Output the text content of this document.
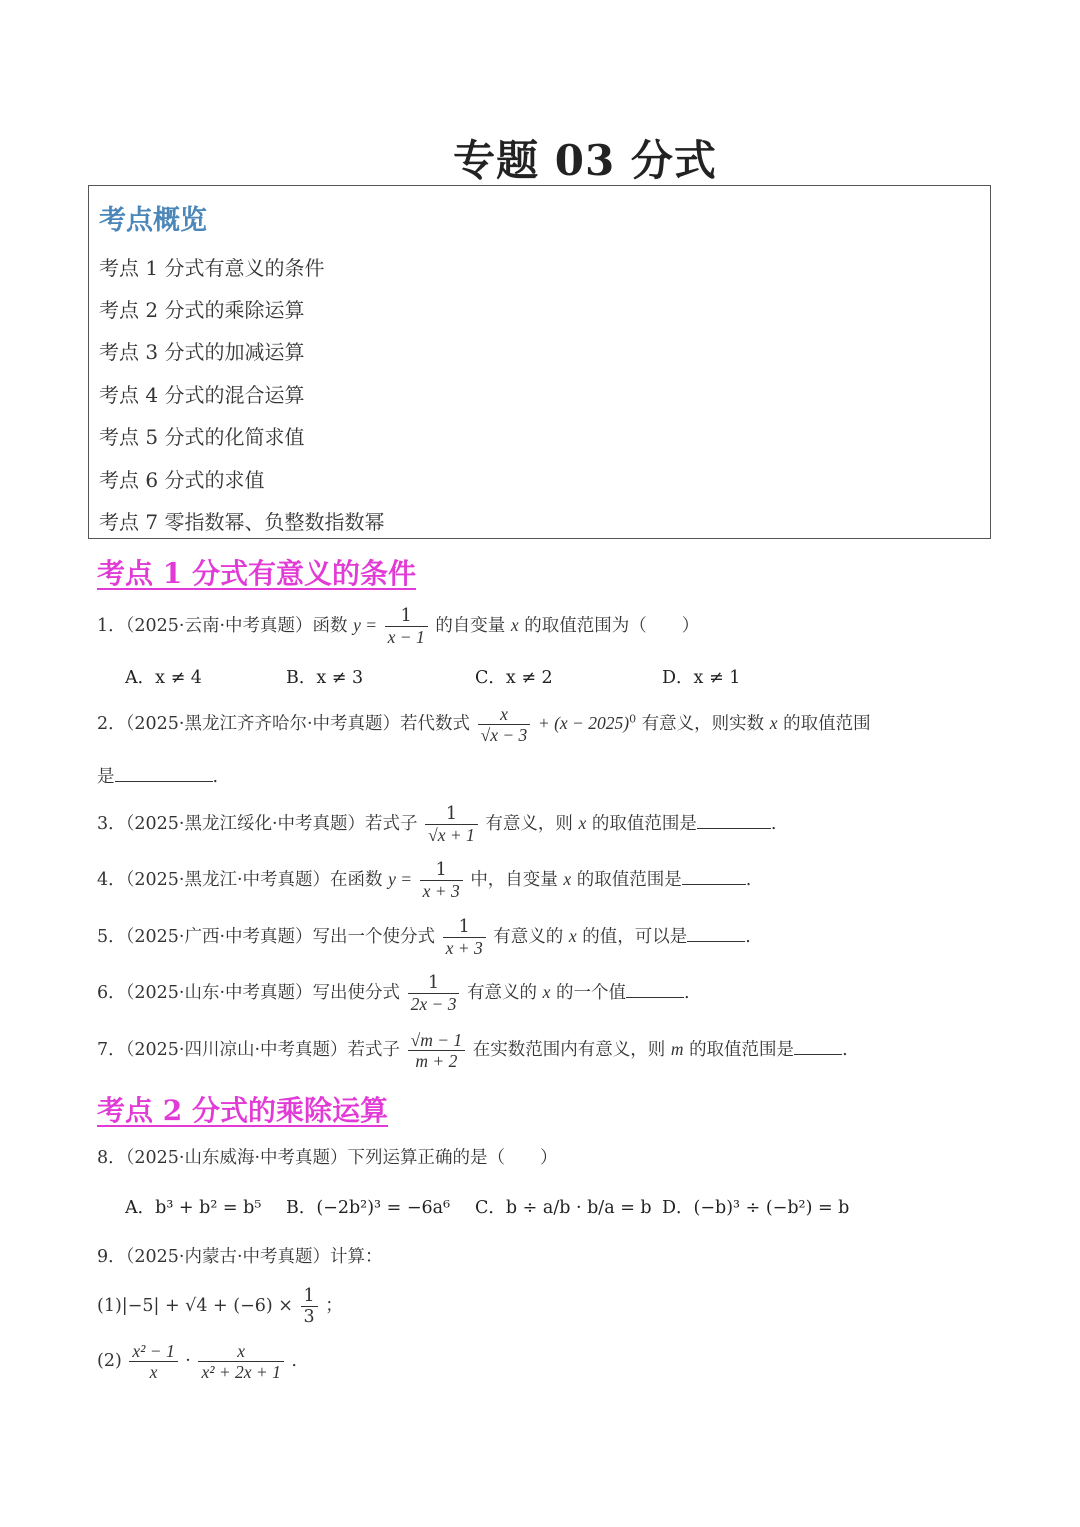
专题 03 分式
考点概览
考点 1 分式有意义的条件
考点 2 分式的乘除运算
考点 3 分式的加减运算
考点 4 分式的混合运算
考点 5 分式的化简求值
考点 6 分式的求值
考点 7 零指数幂、负整数指数幂
考点 1 分式有意义的条件
1．（2025·云南·中考真题）函数 $y = \frac{1}{x - 1}$ 的自变量 x 的取值范围为（　　）
A．x ≠ 4	B．x ≠ 3	C．x ≠ 2	D．x ≠ 1
2．（2025·黑龙江齐齐哈尔·中考真题）若代数式 $\frac{x}{√x - 3} + (x - 2025)^0$ 有意义，则实数 x 的取值范围
是	.
3．（2025·黑龙江绥化·中考真题）若式子 $\frac{1}{√x + 1}$ 有意义，则 x 的取值范围是	.
4．（2025·黑龙江·中考真题）在函数 $y = \frac{1}{x + 3}$ 中，自变量 x 的取值范围是	.
5．（2025·广西·中考真题）写出一个使分式 $\frac{1}{x + 3}$ 有意义的 x 的值，可以是	.
6．（2025·山东·中考真题）写出使分式 $\frac{1}{2x - 3}$ 有意义的 x 的一个值	.
7．（2025·四川凉山·中考真题）若式子 $\frac{√m - 1}{m + 2}$ 在实数范围内有意义，则 m 的取值范围是	.
考点 2 分式的乘除运算
8．（2025·山东威海·中考真题）下列运算正确的是（　　）
A．b³ + b² = b⁵ B．(−2b²)³ = −6a⁶ C．b ÷ a/b · b/a = b D．(−b)³ ÷ (−b²) = b
9．（2025·内蒙古·中考真题）计算：
$(1)|-5| + √4 + (-6) \times \frac{1}{3}$ ；
$(2) \frac{\text{x² − 1}}{x} \cdot \frac{x}{\text{x² + 2x + 1}}$ .
